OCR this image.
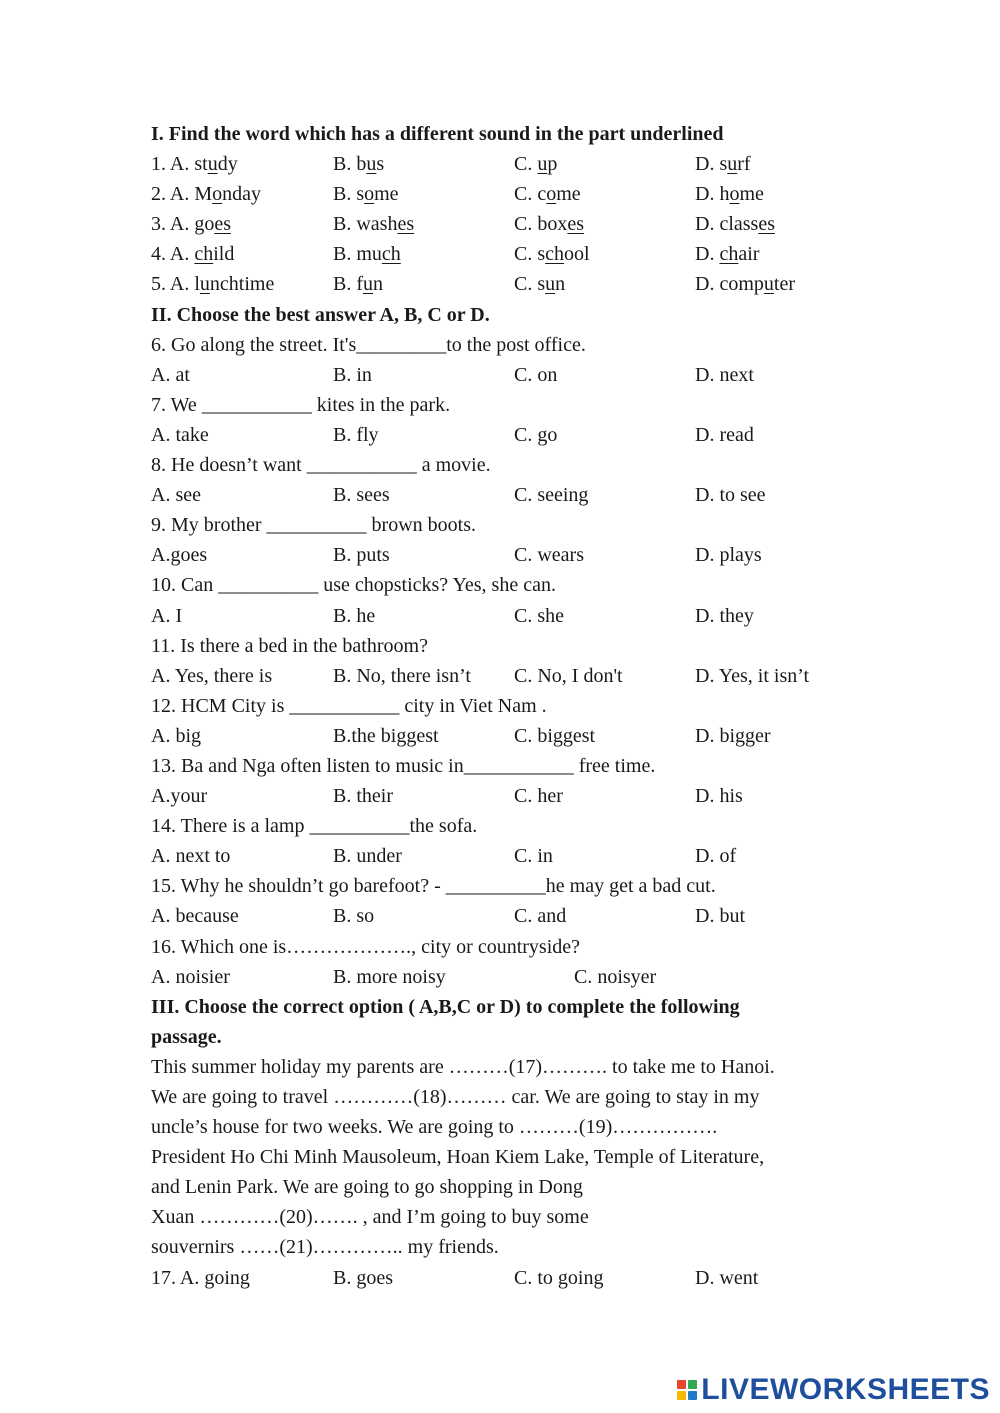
I. Find the word which has a different sound in the part underlined
1. A. study	B. bus	C. up	D. surf
2. A. Monday	B. some	C. come	D. home
3. A. goes	B. washes	C. boxes	D. classes
4. A. child	B. much	C. school	D. chair
5. A. lunchtime	B. fun	C. sun	D. computer
II. Choose the best answer A, B, C or D.
6. Go along the street. It's_________to the post office.
A. at	B. in	C. on	D. next
7. We ___________ kites in the park.
A. take	B. fly	C. go	D. read
8. He doesn’t want ___________ a movie.
A. see	B. sees	C. seeing	D. to see
9. My brother __________ brown boots.
A.goes	B. puts	C. wears	D. plays
10. Can __________ use chopsticks? Yes, she can.
A. I	B. he	C. she	D. they
11. Is there a bed in the bathroom?
A. Yes, there is	B. No, there isn’t C. No, I don't	D. Yes, it isn’t
12. HCM City is ___________ city in Viet Nam .
A. big	B.the biggest	C. biggest	D. bigger
13. Ba and Nga often listen to music in___________ free time.
A.your	B. their	C. her	D. his
14. There is a lamp __________the sofa.
A. next to	B. under	C. in	D. of
15. Why he shouldn’t go barefoot? - __________he may get a bad cut.
A. because	B. so	C. and	D. but
16. Which one is………………., city or countryside?
A. noisier	B. more noisy	C. noisyer
III. Choose the correct option ( A,B,C or D) to complete the following
passage.
This summer holiday my parents are ………(17)………. to take me to Hanoi.
We are going to travel …………(18)……… car. We are going to stay in my
uncle’s house for two weeks. We are going to ………(19)…………….
President Ho Chi Minh Mausoleum, Hoan Kiem Lake, Temple of Literature,
and Lenin Park. We are going to go shopping in Dong
Xuan …………(20)……. , and I’m going to buy some
souvernirs ……(21)………….. my friends.
17. A. going	B. goes	C. to going	D. went
LIVEWORKSHEETS
